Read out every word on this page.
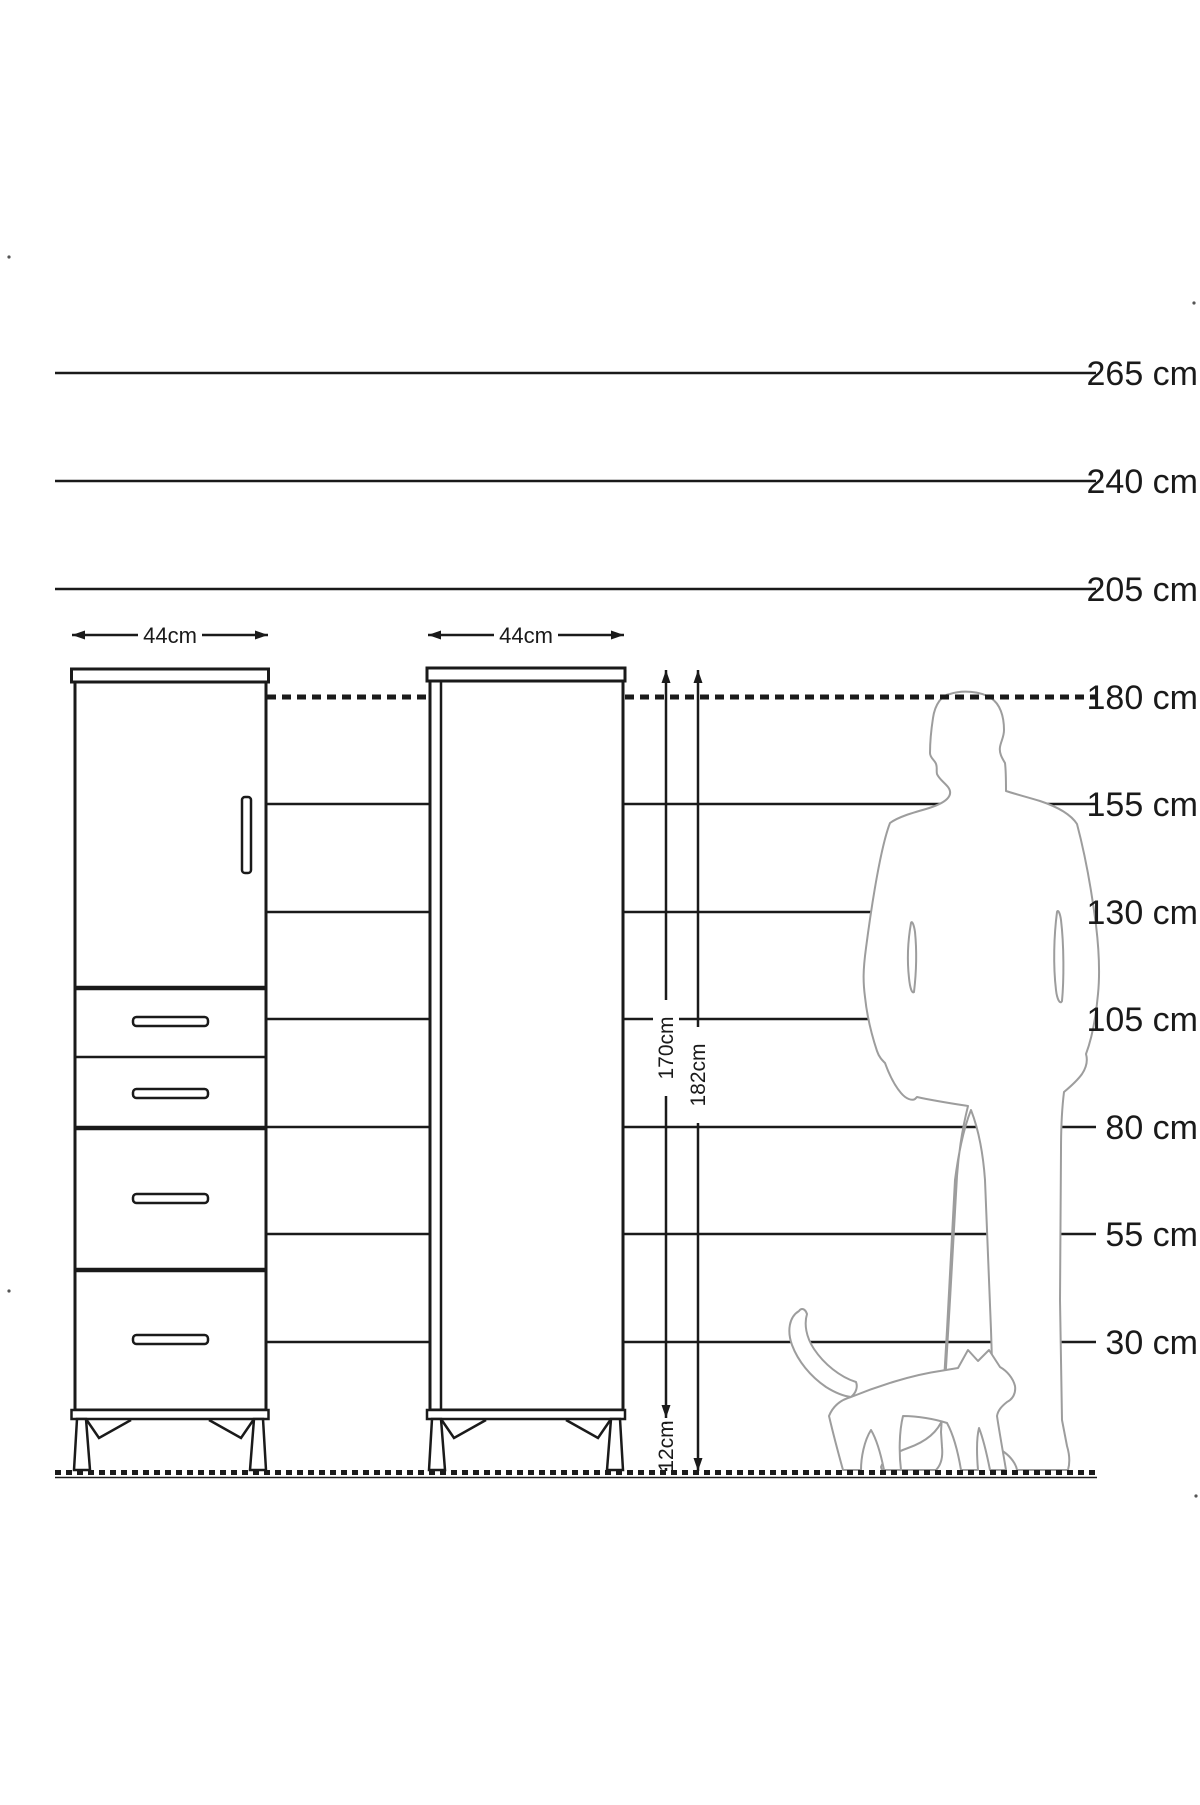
265 cm
240 cm
205 cm
180 cm
155 cm
130 cm
105 cm
80 cm
55 cm
30 cm
44cm	44cm
170cm
12cm
182cm
